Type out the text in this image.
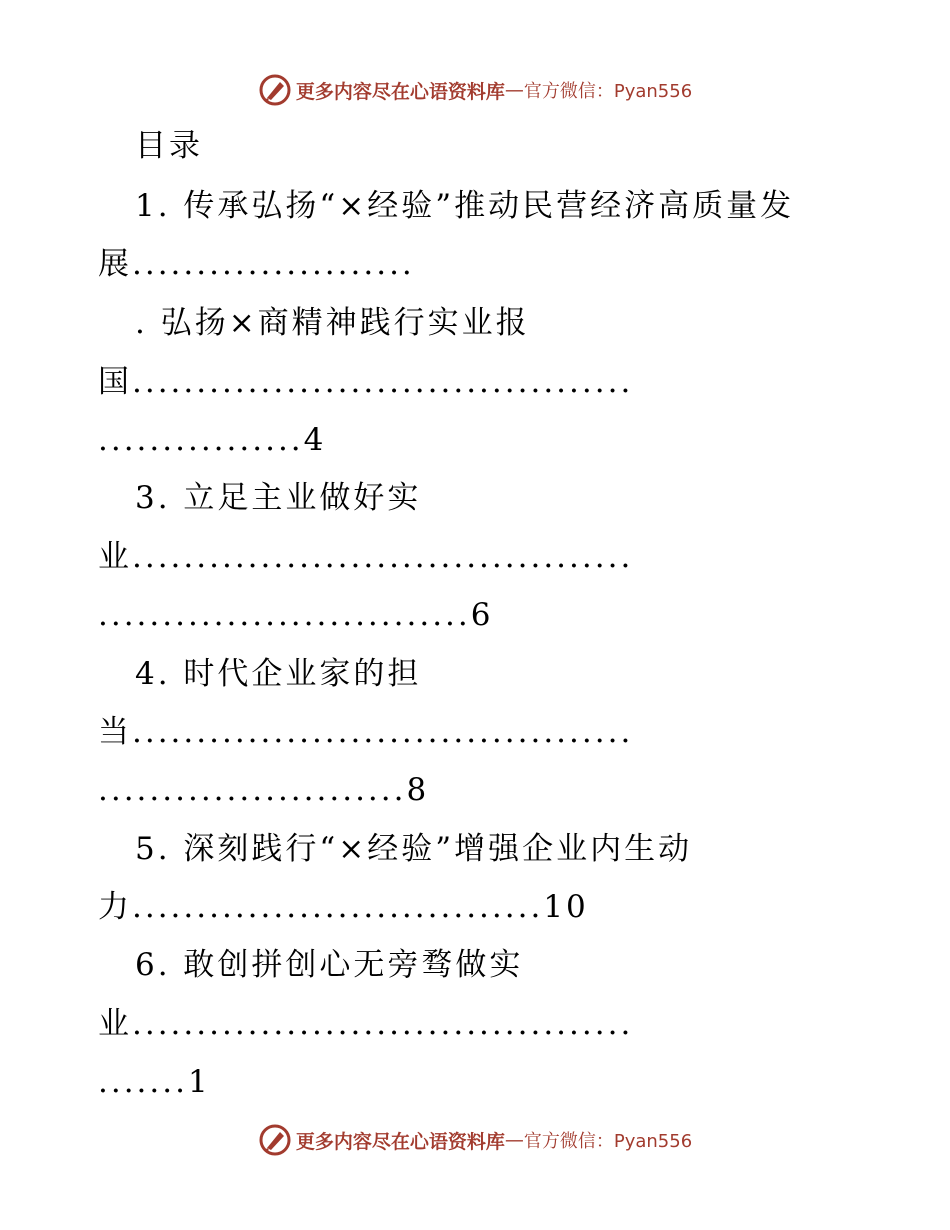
更多内容尽在心语资料库 — 官方微信：Pyan556
目录
1. 传承弘扬“×经验”推动民营经济高质量发
展......................
. 弘扬×商精神践行实业报
国.......................................
................4
3. 立足主业做好实
业.......................................
.............................6
4. 时代企业家的担
当.......................................
........................8
5. 深刻践行“×经验”增强企业内生动
力................................10
6. 敢创拼创心无旁骛做实
业.......................................
.......1
更多内容尽在心语资料库 — 官方微信：Pyan556
